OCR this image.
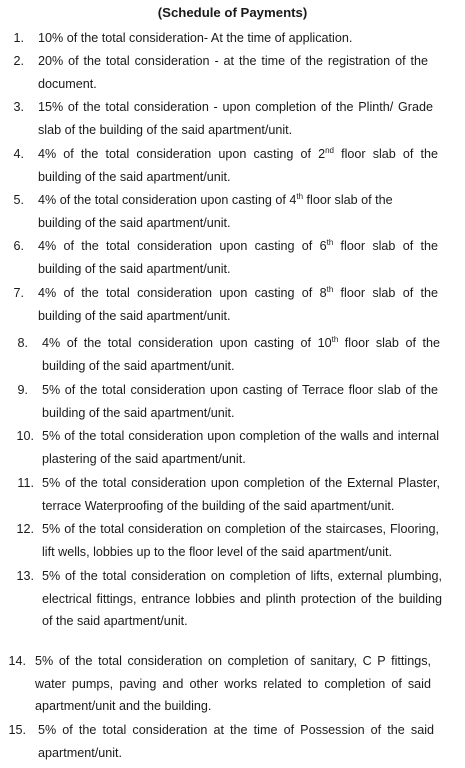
(Schedule of Payments)
1. 10% of the total consideration- At the time of application.
2. 20% of the total consideration - at the time of the registration of the document.
3. 15% of the total consideration - upon completion of the Plinth/ Grade slab of the building of the said apartment/unit.
4. 4% of the total consideration upon casting of 2nd floor slab of the building of the said apartment/unit.
5. 4% of the total consideration upon casting of 4th floor slab of the building of the said apartment/unit.
6. 4% of the total consideration upon casting of 6th floor slab of the building of the said apartment/unit.
7. 4% of the total consideration upon casting of 8th floor slab of the building of the said apartment/unit.
8. 4% of the total consideration upon casting of 10th floor slab of the building of the said apartment/unit.
9. 5% of the total consideration upon casting of Terrace floor slab of the building of the said apartment/unit.
10. 5% of the total consideration upon completion of the walls and internal plastering of the said apartment/unit.
11. 5% of the total consideration upon completion of the External Plaster, terrace Waterproofing of the building of the said apartment/unit.
12. 5% of the total consideration on completion of the staircases, Flooring, lift wells, lobbies up to the floor level of the said apartment/unit.
13. 5% of the total consideration on completion of lifts, external plumbing, electrical fittings, entrance lobbies and plinth protection of the building of the said apartment/unit.
14. 5% of the total consideration on completion of sanitary, C P fittings, water pumps, paving and other works related to completion of said apartment/unit and the building.
15. 5% of the total consideration at the time of Possession of the said apartment/unit.
